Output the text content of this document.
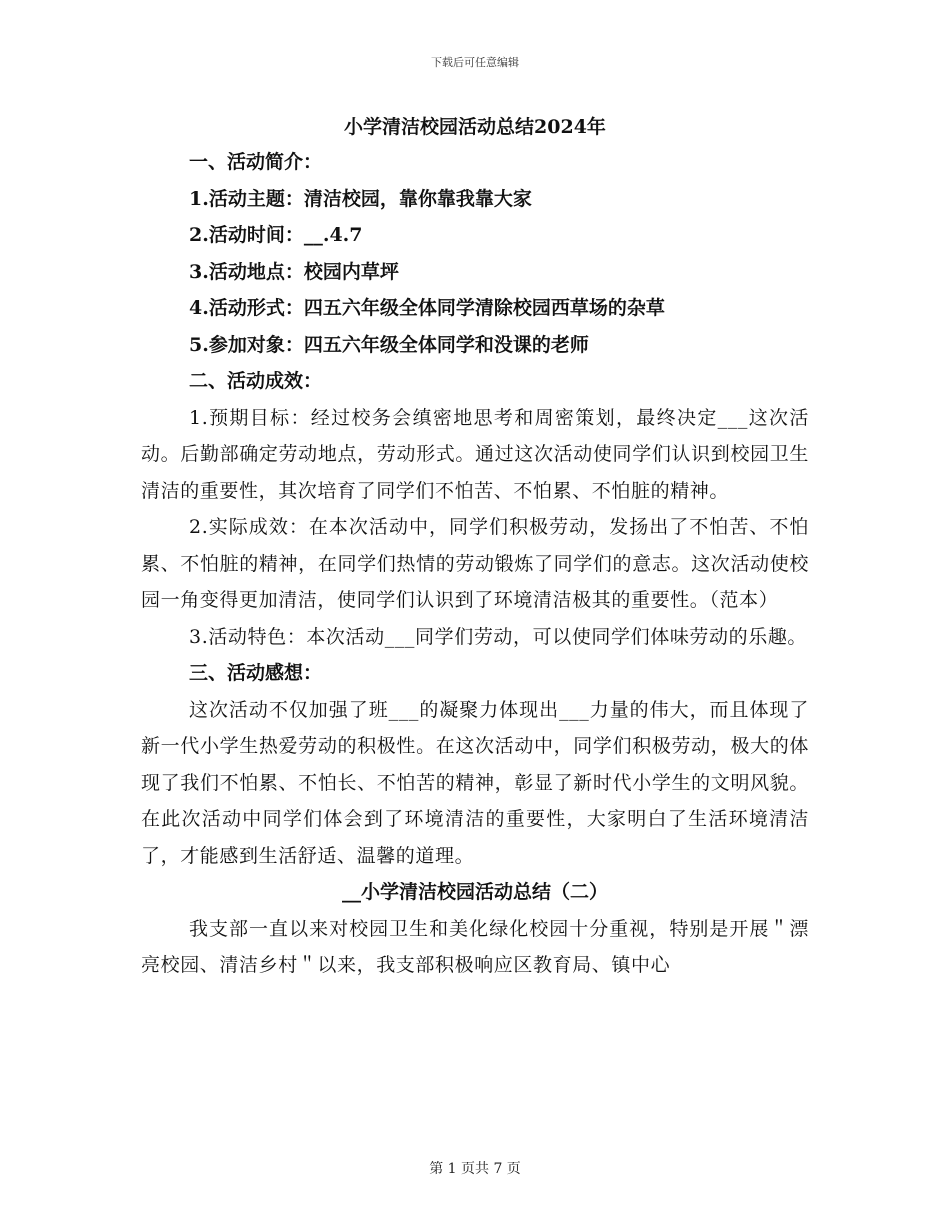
下载后可任意编辑
小学清洁校园活动总结2024年
一、活动简介：
1.活动主题：清洁校园，靠你靠我靠大家
2.活动时间：__.4.7
3.活动地点：校园内草坪
4.活动形式：四五六年级全体同学清除校园西草场的杂草
5.参加对象：四五六年级全体同学和没课的老师
二、活动成效：

1.预期目标：经过校务会缜密地思考和周密策划，最终决定___这次活动。后勤部确定劳动地点，劳动形式。通过这次活动使同学们认识到校园卫生清洁的重要性，其次培育了同学们不怕苦、不怕累、不怕脏的精神。

2.实际成效：在本次活动中，同学们积极劳动，发扬出了不怕苦、不怕累、不怕脏的精神，在同学们热情的劳动锻炼了同学们的意志。这次活动使校园一角变得更加清洁，使同学们认识到了环境清洁极其的重要性。（范本）

3.活动特色：本次活动___同学们劳动，可以使同学们体味劳动的乐趣。

三、活动感想：

这次活动不仅加强了班___的凝聚力体现出___力量的伟大，而且体现了新一代小学生热爱劳动的积极性。在这次活动中，同学们积极劳动，极大的体现了我们不怕累、不怕长、不怕苦的精神，彰显了新时代小学生的文明风貌。在此次活动中同学们体会到了环境清洁的重要性，大家明白了生活环境清洁了，才能感到生活舒适、温馨的道理。

__小学清洁校园活动总结（二）

我支部一直以来对校园卫生和美化绿化校园十分重视，特别是开展＂漂亮校园、清洁乡村＂以来，我支部积极响应区教育局、镇中心

第 1 页共 7 页
